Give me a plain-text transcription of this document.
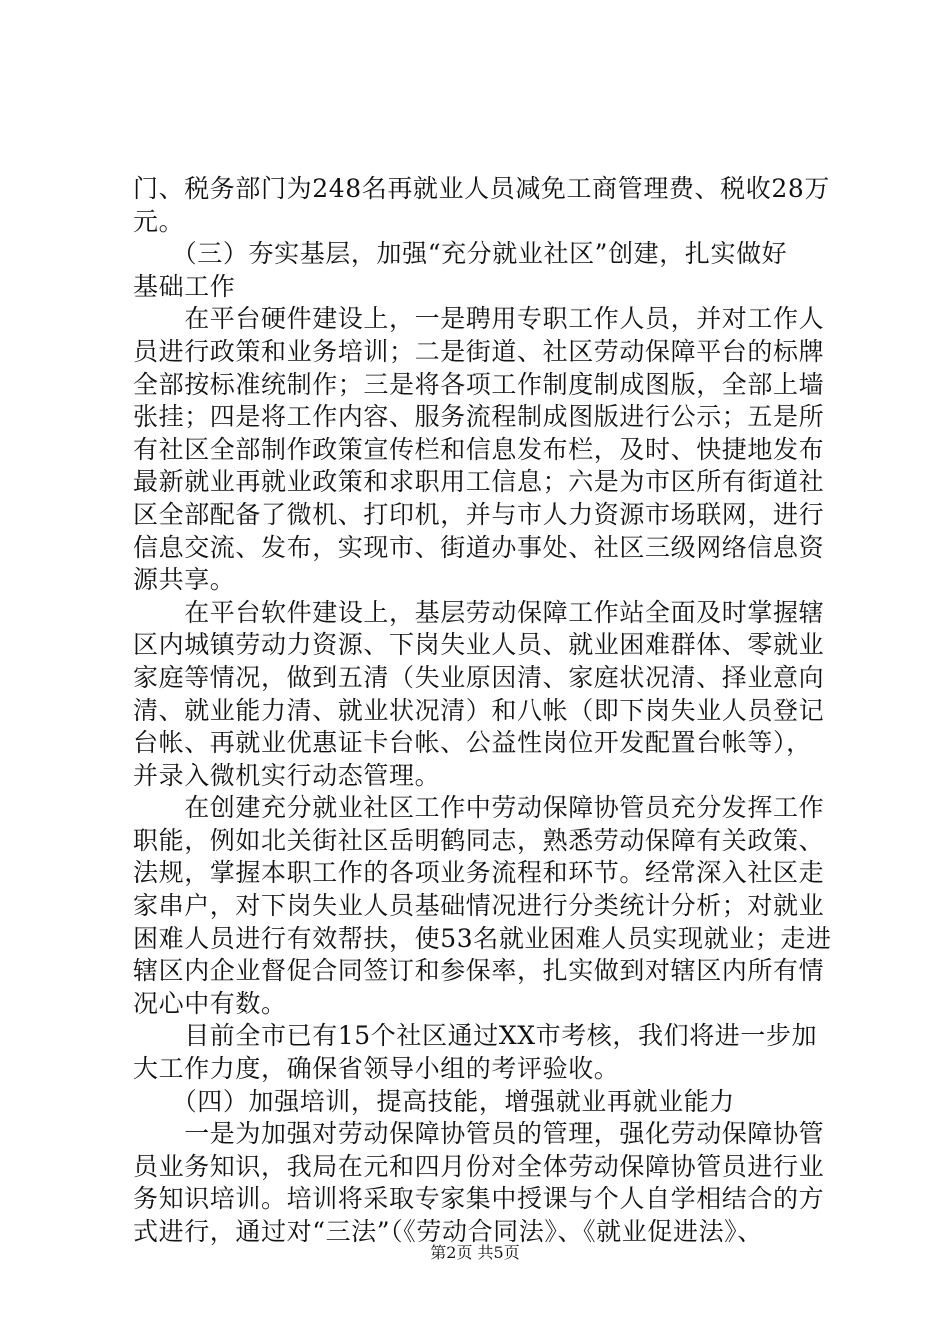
门、税务部门为248名再就业人员减免工商管理费、税收28万
元。
　　（三）夯实基层，加强“充分就业社区”创建，扎实做好
基础工作
　　在平台硬件建设上，一是聘用专职工作人员，并对工作人
员进行政策和业务培训；二是街道、社区劳动保障平台的标牌
全部按标准统制作；三是将各项工作制度制成图版，全部上墙
张挂；四是将工作内容、服务流程制成图版进行公示；五是所
有社区全部制作政策宣传栏和信息发布栏，及时、快捷地发布
最新就业再就业政策和求职用工信息；六是为市区所有街道社
区全部配备了微机、打印机，并与市人力资源市场联网，进行
信息交流、发布，实现市、街道办事处、社区三级网络信息资
源共享。
　　在平台软件建设上，基层劳动保障工作站全面及时掌握辖
区内城镇劳动力资源、下岗失业人员、就业困难群体、零就业
家庭等情况，做到五清（失业原因清、家庭状况清、择业意向
清、就业能力清、就业状况清）和八帐（即下岗失业人员登记
台帐、再就业优惠证卡台帐、公益性岗位开发配置台帐等），
并录入微机实行动态管理。
　　在创建充分就业社区工作中劳动保障协管员充分发挥工作
职能，例如北关街社区岳明鹤同志，熟悉劳动保障有关政策、
法规，掌握本职工作的各项业务流程和环节。经常深入社区走
家串户，对下岗失业人员基础情况进行分类统计分析；对就业
困难人员进行有效帮扶，使53名就业困难人员实现就业；走进
辖区内企业督促合同签订和参保率，扎实做到对辖区内所有情
况心中有数。
　　目前全市已有15个社区通过XX市考核，我们将进一步加
大工作力度，确保省领导小组的考评验收。
　　（四）加强培训，提高技能，增强就业再就业能力
　　一是为加强对劳动保障协管员的管理，强化劳动保障协管
员业务知识，我局在元和四月份对全体劳动保障协管员进行业
务知识培训。培训将采取专家集中授课与个人自学相结合的方
式进行，通过对“三法”（《劳动合同法》、《就业促进法》、
第2页 共5页
